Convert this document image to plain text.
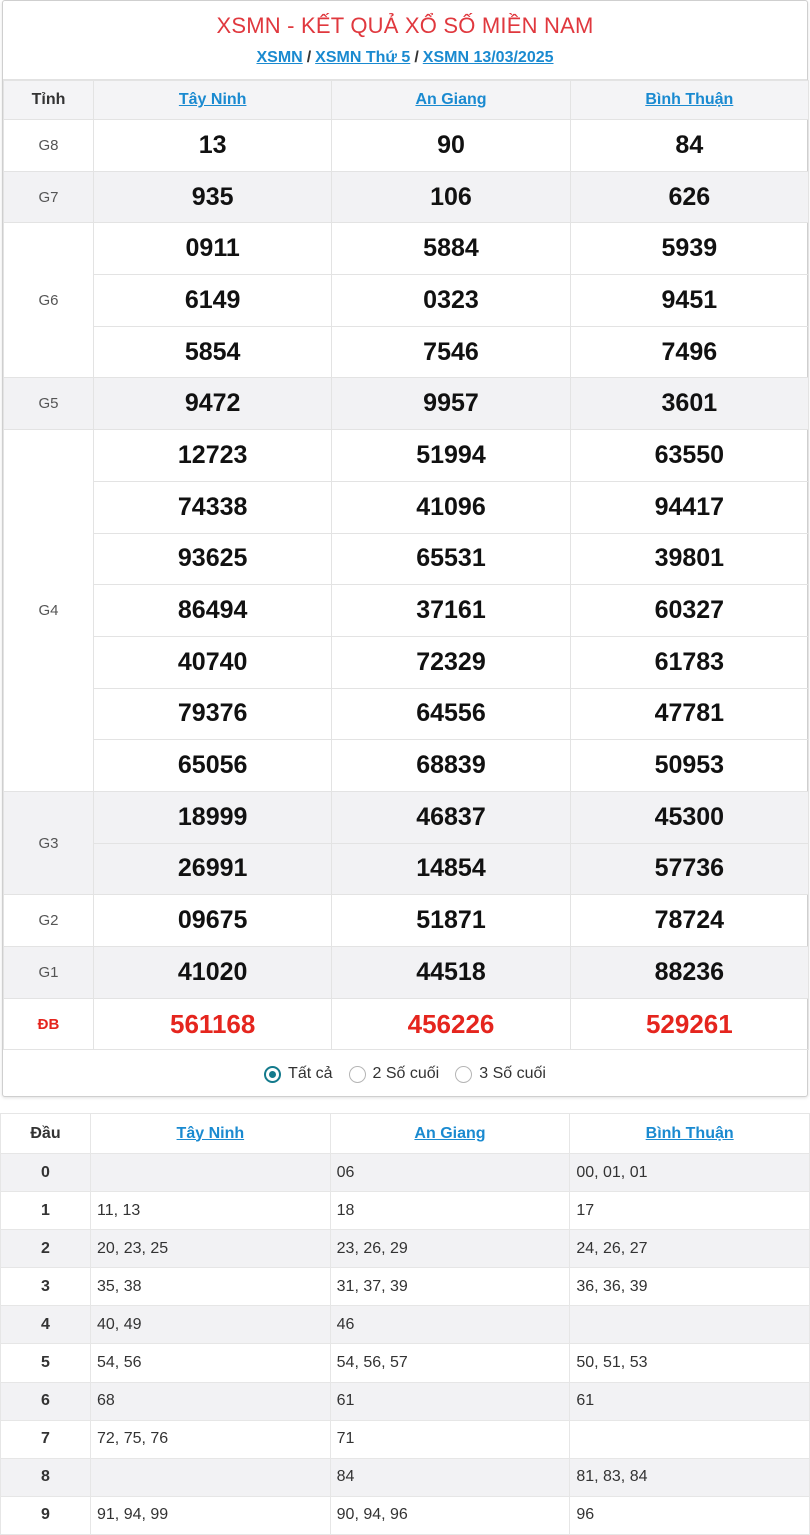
XSMN - KẾT QUẢ XỔ SỐ MIỀN NAM
XSMN / XSMN Thứ 5 / XSMN 13/03/2025
Tỉnh	Tây Ninh	An Giang	Bình Thuận
G8	13	90	84
G7	935	106	626
G6	0911	5884	5939
	6149	0323	9451
	5854	7546	7496
G5	9472	9957	3601
G4	12723	51994	63550
	74338	41096	94417
	93625	65531	39801
	86494	37161	60327
	40740	72329	61783
	79376	64556	47781
	65056	68839	50953
G3	18999	46837	45300
	26991	14854	57736
G2	09675	51871	78724
G1	41020	44518	88236
ĐB	561168	456226	529261
Tất cả	2 Số cuối	3 Số cuối
Đầu	Tây Ninh	An Giang	Bình Thuận
0		06	00, 01, 01
1	11, 13	18	17
2	20, 23, 25	23, 26, 29	24, 26, 27
3	35, 38	31, 37, 39	36, 36, 39
4	40, 49	46	
5	54, 56	54, 56, 57	50, 51, 53
6	68	61	61
7	72, 75, 76	71	
8		84	81, 83, 84
9	91, 94, 99	90, 94, 96	96
